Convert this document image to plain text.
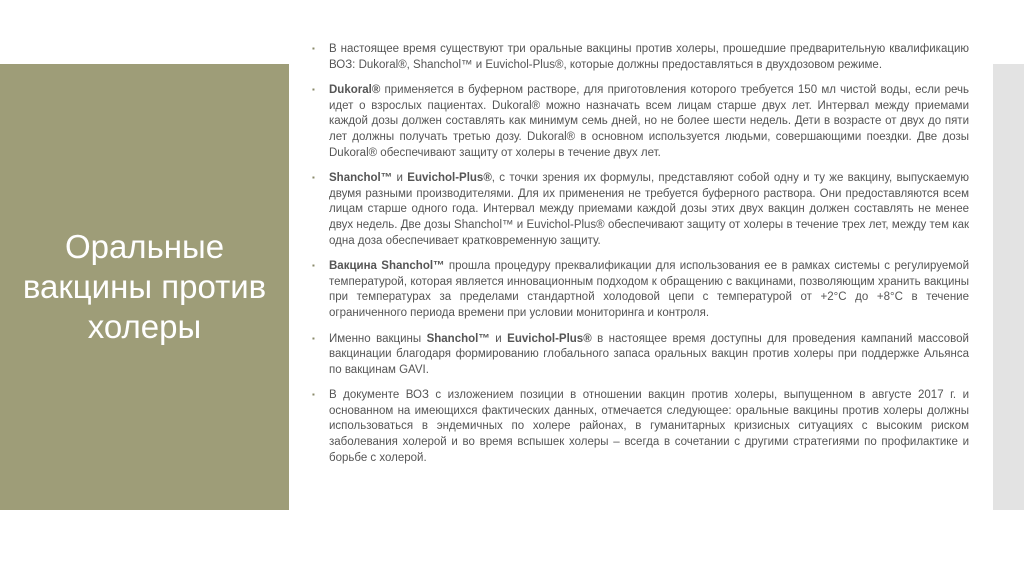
Оральные вакцины против холеры

▪ В настоящее время существуют три оральные вакцины против холеры, прошедшие предварительную квалификацию ВОЗ: Dukoral®, Shanchol™ и Euvichol-Plus®, которые должны предоставляться в двухдозовом режиме.

▪ Dukoral® применяется в буферном растворе, для приготовления которого требуется 150 мл чистой воды, если речь идет о взрослых пациентах. Dukoral® можно назначать всем лицам старше двух лет. Интервал между приемами каждой дозы должен составлять как минимум семь дней, но не более шести недель. Дети в возрасте от двух до пяти лет должны получать третью дозу. Dukoral® в основном используется людьми, совершающими поездки. Две дозы Dukoral® обеспечивают защиту от холеры в течение двух лет.

▪ Shanchol™ и Euvichol-Plus®, с точки зрения их формулы, представляют собой одну и ту же вакцину, выпускаемую двумя разными производителями. Для их применения не требуется буферного раствора. Они предоставляются всем лицам старше одного года. Интервал между приемами каждой дозы этих двух вакцин должен составлять не менее двух недель. Две дозы Shanchol™ и Euvichol-Plus® обеспечивают защиту от холеры в течение трех лет, между тем как одна доза обеспечивает кратковременную защиту.

▪ Вакцина Shanchol™ прошла процедуру преквалификации для использования ее в рамках системы с регулируемой температурой, которая является инновационным подходом к обращению с вакцинами, позволяющим хранить вакцины при температурах за пределами стандартной холодовой цепи с температурой от +2°C до +8°C в течение ограниченного периода времени при условии мониторинга и контроля.

▪ Именно вакцины Shanchol™ и Euvichol-Plus® в настоящее время доступны для проведения кампаний массовой вакцинации благодаря формированию глобального запаса оральных вакцин против холеры при поддержке Альянса по вакцинам GAVI.

▪ В документе ВОЗ с изложением позиции в отношении вакцин против холеры, выпущенном в августе 2017 г. и основанном на имеющихся фактических данных, отмечается следующее: оральные вакцины против холеры должны использоваться в эндемичных по холере районах, в гуманитарных кризисных ситуациях с высоким риском заболевания холерой и во время вспышек холеры – всегда в сочетании с другими стратегиями по профилактике и борьбе с холерой.
